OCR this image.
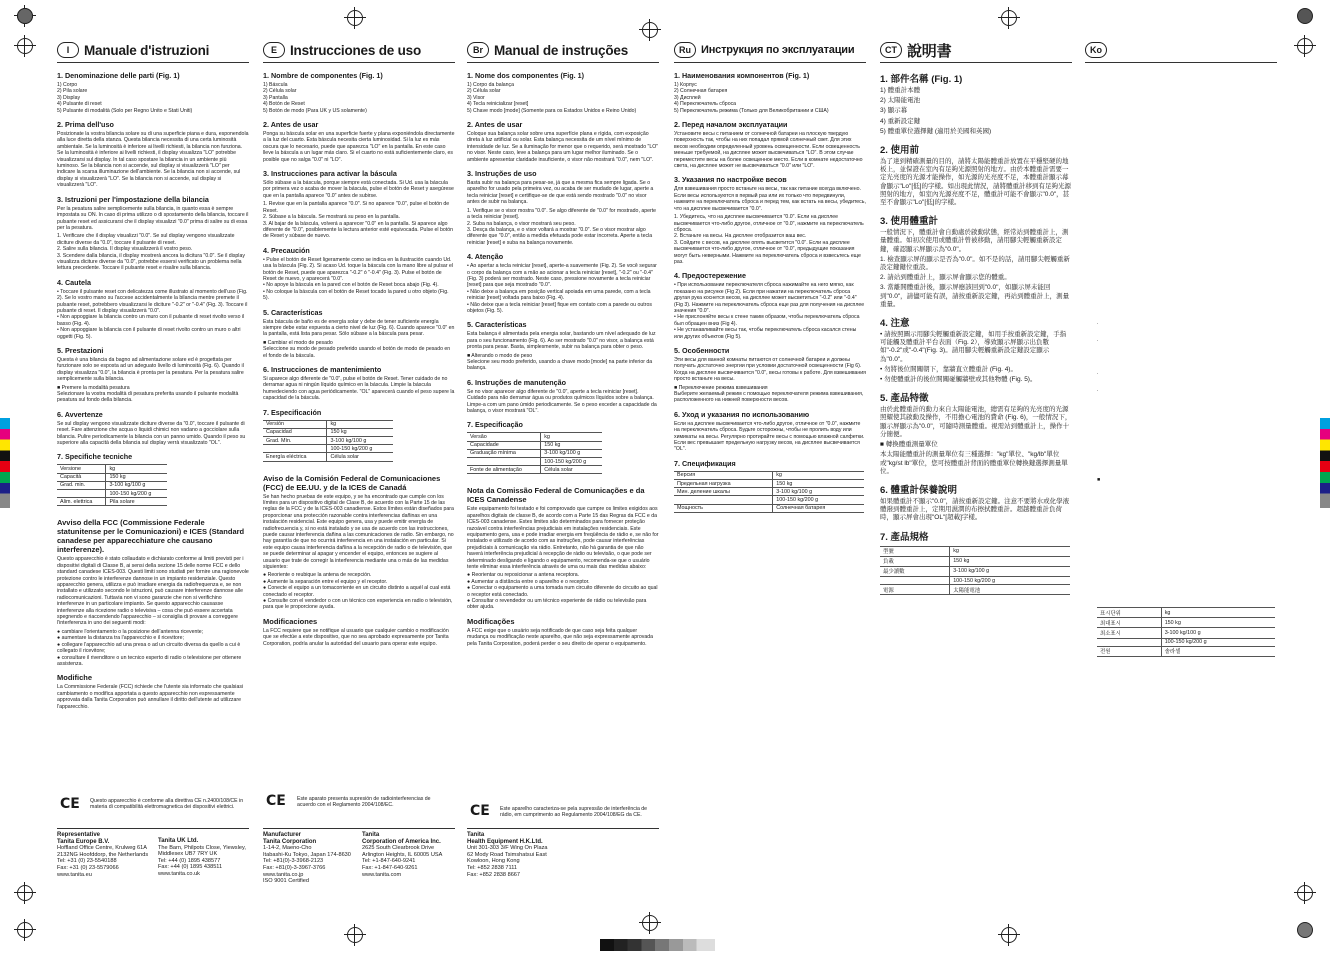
I	Manuale d'istruzioni
1. Denominazione delle parti (Fig. 1)
1) Corpo
2) Pila solare
3) Display
4) Pulsante di reset
5) Pulsante di modalità (Solo per Regno Unito e Stati Uniti)
2. Prima dell'uso

Posizionate la vostra bilancia solare su di una superficie piana e dura, esponendola alla luce diretta della stanza. Questa bilancia necessita di una certa luminosità ambientale. Se la luminosità è inferiore ai livelli richiesti, la bilancia non funziona. Se la luminosità è inferiore ai livelli richiesti, il display visualizza "LO" potrebbe visualizzarsi sul display. In tal caso spostare la bilancia in un ambiente più luminoso. Se la bilancia non si accende, sul display si visualizzerà "LO" per indicare la scarsa illuminazione dell'ambiente. Se la bilancia non si accende, sul display si visualizzerà "LO". Se la bilancia non si accende, sul display si visualizzerà "LO".

3. Istruzioni per l'impostazione della bilancia

Per la pesatura salire semplicemente sulla bilancia, in quanto essa è sempre impostata su ON. In caso di prima utilizzo o di spostamento della bilancia, toccare il pulsante reset ed assicurarsi che il display visualizzi "0.0" prima di salire su di essa per la pesatura.

1. Verificare che il display visualizzi "0.0". Se sul display vengono visualizzate diciture diverse da "0.0", toccare il pulsante di reset.
2. Salire sulla bilancia. Il display visualizzerà il vostro peso.
3. Scendere dalla bilancia, il display mostrerà ancora la dicitura "0.0". Se il display visualizza diciture diverse da "0.0", potrebbe essersi verificato un problema nella lettura precedente. Toccare il pulsante reset e risalire sulla bilancia.
4. Cautela
• Toccare il pulsante reset con delicatezza come illustrato al momento dell'uso (Fig. 2). Se lo vostro mano su l'accese accidentalmente la bilancia mentre premete il pulsante reset, potrebbero visualizzarsi le diciture "-0.2" or "-0.4" (Fig. 3). Toccare il pulsante di reset. Il display visualizzerà "0.0".
• Non appoggiare la bilancia contro un muro con il pulsante di reset rivolto verso il basso (Fig. 4).
• Non appoggiare la bilancia con il pulsante di reset rivolto contro un muro o altri oggetti (Fig. 5).
5. Prestazioni

Questa è una bilancia da bagno ad alimentazione solare ed è progettata per funzionare solo se esposta ad un adeguato livello di luminosità (Fig. 6). Quando il display visualizza "0.0", la bilancia è pronta per la pesatura. Per la pesatura salire semplicemente sulla bilancia.

■ Premere la modalità pesatura

Selezionare la vostra modalità di pesatura preferita usando il pulsante modalità pesatura sul fondo della bilancia.

6. Avvertenze

Se sul display vengono visualizzate diciture diverse da "0.0", toccare il pulsante di reset. Fare attenzione che acqua o liquidi chimici non vadano a gocciolare sulla bilancia. Pulire periodicamente la bilancia con un panno umido. Quando il peso su superiore alla capacità della bilancia sul display verrà visualizzato "OL".

7. Specifiche tecniche
Versione	kg
Capacità	150 kg
Grad. min.	3-100 kg/100 g
	100-150 kg/200 g
Alim. elettrica	Pila solare
Avviso della FCC (Commissione Federale statunitense per le Comunicazioni) e ICES (Standard canadese per apparecchiature che causano interferenze).

Questo apparecchio è stato collaudato e dichiarato conforme ai limiti previsti per i dispositivi digitali di Classe B, ai sensi della sezione 15 delle norme FCC e dello standard canadese ICES-003. Questi limiti sono studiati per fornire una ragionevole protezione contro le interferenze dannose in un impianto residenziale. Questo apparecchio genera, utilizza e può irradiare energia da radiofrequenza e, se non installato e utilizzato secondo le istruzioni, può causare interferenze dannose alle radiocomunicazioni. Tuttavia non vi sono garanzie che non si verifichino interferenze in un particolare impianto. Se questo apparecchio causasse interferenze alla ricezione radio o televisiva – cosa che può essere accertata spegnendo e riaccendendo l'apparecchio – si consiglia di provare a correggere l'interferenza in uno dei seguenti modi:

● cambiare l'orientamento o la posizione dell'antenna ricevente;
● aumentare la distanza tra l'apparecchio e il ricevitore;
● collegare l'apparecchio ad una presa o ad un circuito diversa da quello a cui è collegato il ricevitore;
● consultare il rivenditore o un tecnico esperto di radio o televisione per ottenere assistenza.
Modifiche

La Commissione Federale (FCC) richiede che l'utente sia informato che qualsiasi cambiamento o modifica apportata a questo apparecchio non espressamente approvata dalla Tanita Corporation può annullare il diritto dell'utente ad utilizzare l'apparecchio.

CE Questo apparecchio è conforme alla direttiva CE n.2400/108/CE in materia di compatibilità elettromagnetica dei dispositivi elettrici.
E Instrucciones de uso
1. Nombre de componentes (Fig. 1)
1) Báscula
2) Célula solar
3) Pantalla
4) Botón de Reset
5) Botón de modo (Para UK y US solamente)
2. Antes de usar

Ponga su báscula solar en una superficie fuerte y plana exponiéndola directamente a la luz del cuarto. Esta báscula necesita cierta luminosidad. Si la luz es más oscura que lo necesario, puede que aparezca "LO" en la pantalla. En este caso lleve la báscula a un lugar más claro. Si el cuarto no está suficientemente claro, es posible que no salga "0.0" ni "LO".

3. Instrucciones para activar la báscula

Sólo súbase a la báscula, porque siempre está conectada. Si Ud. usa la báscula por primera vez o acaba de mover la báscula, pulse el botón de Reset y asegúrese que en la pantalla aparece "0.0" antes de subirse.

1. Revise que en la pantalla aparece "0.0". Si no aparece "0.0", pulse el botón de Reset.
2. Súbase a la báscula. Se mostrará su peso en la pantalla.
3. Al bajar de la báscula, volverá a aparecer "0.0" en la pantalla. Si aparece algo diferente de "0.0", posiblemente la lectura anterior esté equivocada. Pulse el botón de Reset y súbase de nuevo.
4. Precaución
• Pulse el botón de Reset ligeramente como se indica en la ilustración cuando Ud. usa la báscula (Fig. 2). Si acaso Ud. toque la báscula con la mano libre al pulsar el botón de Reset, puede que aparezca "-0.2" ó "-0.4" (Fig. 3). Pulse el botón de Reset de nuevo, y aparecerá "0.0".
• No apoye la báscula en la pared con el botón de Reset boca abajo (Fig. 4).
• No coloque la báscula con el botón de Reset tocado la pared u otro objeto (Fig. 5).
5. Características

Esta báscula de baño es de energía solar y debe de tener suficiente energía siempre debe estar expuesta a cierto nivel de luz (Fig. 6). Cuando aparece "0.0" en la pantalla, está lista para pesar. Sólo súbase a la báscula para pesar.

■ Cambiar el modo de pesado

Seleccione su modo de pesado preferido usando el botón de modo de pesado en el fondo de la báscula.

6. Instrucciones de mantenimiento

Si aparece algo diferente de "0.0", pulse el botón de Reset. Tener cuidado de no derramar agua ni ningún líquido químico en la báscula. Limpie la báscula humedeciendo con agua periódicamente. "OL" aparecerá cuando el peso supere la capacidad de la báscula.

7. Especificación
Versión	kg
Capacidad	150 kg
Grad. Mín.	3-100 kg/100 g
	100-150 kg/200 g
Energía eléctrica	Célula solar
Aviso de la Comisión Federal de Comunicaciones (FCC) de EE.UU. y de la ICES de Canadá

Se han hecho pruebas de este equipo, y se ha encontrado que cumple con los límites para un dispositivo digital de Clase B, de acuerdo con la Parte 15 de las reglas de la FCC y de la ICES-003 canadiense. Estos límites están diseñados para proporcionar una protección razonable contra interferencias dañinas en una instalación residencial. Este equipo genera, usa y puede emitir energía de radiofrecuencia y, si no está instalado y se usa de acuerdo con las instrucciones, puede causar interferencia dañina a las comunicaciones de radio. Sin embargo, no hay garantía de que no ocurrirá interferencia en una instalación en particular. Si este equipo causa interferencia dañina a la recepción de radio o de televisión, que se puede determinar al apagar y encender el equipo, entonces se sugiere al usuario que trate de corregir la interferencia mediante una o más de las medidas siguientes:

● Reoriente o reubique la antena de recepción.
● Aumente la separación entre el equipo y el receptor.
● Conecte el equipo a un tomacorriente en un circuito distinto a aquél al cual está conectado el receptor.
● Consulte con el vendedor o con un técnico con experiencia en radio o televisión, para que le proporcione ayuda.
Modificaciones

La FCC requiere que se notifique al usuario que cualquier cambio o modificación que se efectúe a este dispositivo, que no sea aprobado expresamente por Tanita Corporation, podría anular la autoridad del usuario para operar este equipo.

CE Este aparato presenta supresión de radiointerferencias de acuerdo con el Reglamento 2004/108/EC.
Br Manual de instruções
1. Nome dos componentes (Fig. 1)
1) Corpo da balança
2) Célula solar
3) Visor
4) Tecla reinicializar [reset]
5) Chave modo [mode] (Somente para os Estados Unidos e Reino Unido)
2. Antes de usar

Coloque sua balança solar sobre uma superfície plana e rígida, com exposição direta à luz artificial ou solar. Esta balança necessita de um nível mínimo de intensidade de luz. Se a iluminação for menor que o requerido, será mostrado "LO" no visor. Neste caso, leve a balança para um lugar melhor iluminado. Se o ambiente apresentar claridade insuficiente, o visor não mostrará "0.0", nem "LO".

3. Instruções de uso

Basta subir na balança para pesar-se, já que a mesma fica sempre ligada. Se o aparelho for usado pela primeira vez, ou acaba de ser mudado de lugar, aperte a tecla reiniciar [reset] e certifique-se de que está sendo mostrado "0.0" no visor antes de subir na balança.

1. Verifique se o visor mostra "0.0". Se algo diferente de "0.0" for mostrado, aperte a tecla reiniciar [reset].
2. Suba na balança, o visor mostrará seu peso.
3. Desça da balança, e o visor voltará a mostrar "0.0". Se o visor mostrar algo diferente que "0.0", então a medida efetuada pode estar incorreta. Aperte a tecla reiniciar [reset] e suba na balança novamente.
4. Atenção
• Ao apertar a tecla reiniciar [reset], aperte-a suavemente (Fig. 2). Se você segurar o corpo da balança com a mão ao acionar a tecla reiniciar [reset], "-0.2" ou "-0.4" (Fig. 3) poderá ser mostrado. Neste caso, pressione novamente a tecla reiniciar [reset] para que seja mostrado "0.0".
• Não deixe a balança em posição vertical apoiada em uma parede, com a tecla reiniciar [reset] voltada para baixo (Fig. 4).
• Não deixe que a tecla reiniciar [reset] fique em contato com a parede ou outros objetos (Fig. 5).
5. Características

Esta balança é alimentada pela energia solar, bastando um nível adequado de luz para o seu funcionamento (Fig. 6). Ao ser mostrado "0.0" no visor, a balança está pronta para pesar. Basta, simplesmente, subir na balança para obter o peso.

■ Alterando o modo de peso

Selecione seu modo preferido, usando a chave modo [mode] na parte inferior da balança.

6. Instruções de manutenção

Se no visor aparecer algo diferente de "0.0", aperte a tecla reiniciar [reset]. Cuidado para não derramar água ou produtos químicos líquidos sobre a balança. Limpe-a com um pano úmido periodicamente. Se o peso exceder a capacidade da balança, o visor mostrará "OL".

7. Especificação
Versão	kg
Capacidade	150 kg
Graduação mínima	3-100 kg/100 g
	100-150 kg/200 g
Fonte de alimentação	Célula solar
Nota da Comissão Federal de Comunicações e da ICES Canadense

Este equipamento foi testado e foi comprovado que cumpre os limites exigidos aos aparelhos digitais de classe B, de acordo com a Parte 15 das Regras da FCC e da ICES-003 canadense. Estes limites são determinados para fornecer proteção razoável contra interferências prejudiciais em instalações residenciais. Este equipamento gera, usa e pode irradiar energia em freqüência de rádio e, se não for instalado e utilizado de acordo com as instruções, pode causar interferências prejudiciais à comunicação via rádio. Entretanto, não há garantia de que não haverá interferência prejudicial à recepção de rádio ou televisão, o que pode ser determinado desligando e ligando o equipamento, recomenda-se que o usuário tente eliminar essa interferência através de uma ou mais das medidas abaixo:

● Reorientar ou reposicionar a antena receptora.
● Aumentar a distância entre o aparelho e o receptor.
● Conectar o equipamento a uma tomada num circuito diferente do circuito ao qual o receptor está conectado.
● Consultar o revendedor ou um técnico experiente de rádio ou televisão para obter ajuda.
Modificações

A FCC exige que o usuário seja notificado de que caso seja feita qualquer mudança ou modificação neste aparelho, que não seja expressamente aprovada pela Tanita Corporation, poderá perder o seu direito de operar o equipamento.

CE Este aparelho caracteriza-se pela supressão de interferência de rádio, em cumprimento ao Regulamento 2004/108/EG da CE.
Ru Инструкция по эксплуатации
1. Наименования компонентов (Fig. 1)
1) Корпус
2) Солнечная батарея
3) Дисплей
4) Переключатель сброса
5) Переключатель режима (Только для Великобритании и США)
2. Перед началом эксплуатации

Установите весы с питанием от солнечной батареи на плоскую твердую поверхность так, чтобы на них попадал прямой солнечный свет. Для этих весов необходим определенный уровень освещенности. Если освещенность меньше требуемой, на дисплее может высвечиваться "LO". В этом случае переместите весы на более освещенное место. Если в комнате недостаточно света, на дисплее может не высвечиваться "0.0" или "LO".

3. Указания по настройке весов

Для взвешивания просто встаньте на весы, так как питание всегда включено. Если весы используются в первый раз или их только что передвинули, нажмите на переключатель сброса и перед тем, как встать на весы, убедитесь, что на дисплее высвечивается "0.0".

1. Убедитесь, что на дисплее высвечивается "0.0". Если на дисплее высвечивается что-либо другое, отличное от "0.0", нажмите на переключатель сброса.
2. Встаньте на весы. На дисплее отобразится ваш вес.
3. Сойдите с весов, на дисплее опять высветится "0.0". Если на дисплее высвечивается что-либо другое, отличное от "0.0", предыдущие показания могут быть неверными. Нажмите на переключатель сброса и взвесьтесь еще раз.
4. Предостережение
• При использовании переключателя сброса нажимайте на него мягко, как показано на рисунке (Fig 2). Если при нажатии на переключатель сброса другая рука коснется весов, на дисплее может высветиться "-0.2" или "-0.4" (Fig 3). Нажмите на переключатель сброса еще раз для получения на дисплее значения "0.0".
• Не прислоняйте весы к стене таким образом, чтобы переключатель сброса был обращен вниз (Fig 4).
• Не устанавливайте весы так, чтобы переключатель сброса касался стены или других объектов (Fig 5).
5. Особенности

Эти весы для ванной комнаты питаются от солнечной батареи и должны получать достаточно энергии при условии достаточной освещенности (Fig 6). Когда на дисплее высвечивается "0.0", весы готовы к работе. Для взвешивания просто встаньте на весы.

■ Переключение режима взвешивания

Выберите желаемый режим с помощью переключателя режима взвешивания, расположенного на нижней поверхности весов.

6. Уход и указания по использованию

Если на дисплее высвечивается что-либо другое, отличное от "0.0", нажмите на переключатель сброса. Будьте осторожны, чтобы не пролить воду или химикаты на весы. Регулярно протирайте весы с помощью влажной салфетки. Если вес превышает предельную нагрузку весов, на дисплее высвечивается "OL".

7. Спецификация
Версия	kg
Предельная нагрузка	150 kg
Мин. деление шкалы	3-100 kg/100 g
	100-150 kg/200 g
Мощность	Солнечная батарея
CT 說明書
1. 部件名稱 (Fig. 1)
1) 體重計本體
2) 太陽能電池
3) 顯示幕
4) 重新設定鍵
5) 體重單位選擇鍵 (適用於美國和英國)
2. 使用前

為了達到精確測量的目的，請將太陽能體重計放置在平穩堅硬的地板上，並保證在室內有足夠光源照射的地方。由於本體重計需要一定光亮度的光源才能操作，如光源的光亮度不足，本體重計顯示幕會顯示"Lo"[低]的字樣。如出現此情況，請將體重計移到有足夠光源照射的地方，如室內光源亮度不足，體重計可能不會顯示"0.0"，甚至不會顯示"Lo"[低]的字樣。

3. 使用體重計

一般情況下，體重計會自動處於啟動狀態，經常站到體重計上，測量體重。如初次使用或體重計曾被移動，請用腳尖輕觸重新設定鍵，確認顯示屏顯示為"0.0"。

1. 檢查顯示屏的顯示是否為"0.0"。如不是的話，請用腳尖輕觸重新設定鍵鍵位重設。
2. 請站到體重計上，顯示屏會顯示您的體重。
3. 當離開體重計後，顯示屏應該回到"0.0"，如顯示屏未能回到"0.0"，請儘可能有誤，請按重新設定鍵，再站到體重計上，測量重量。
4. 注意
• 請按照圖示用腳尖輕觸重新設定鍵，如用手按重新設定鍵，手指可能觸及體重計平台表面（Fig. 2），導致顯示屏顯示出負數如"-0.2"或"-0.4"(Fig. 3)。請用腳尖輕觸重新設定鍵設定顯示為"0.0"。
• 勿將後位開關朝下，靠牆直立體重計 (Fig. 4)。
• 勿使體重計的後位開關碰觸牆壁或其他物體 (Fig. 5)。
5. 產品特徵

由於此體重計的動力來自太陽能電池，總需有足夠的光亮度的光源照耀使其啟動及操作，不用擔心電池的費命 (Fig. 6)，一般情況下，顯示屏顯示為"0.0"，可隨時測量體重。視需站到體重計上，操作十分簡便。

■ 轉換體重測量單位

本太陽能體重計的測量單位有三種選擇："kg"單位、"kg/lb"單位或"kg/st lb"單位，您可按體重計背面的體重單位轉換鍵選擇測量單位。

6. 體重計保養說明

如果體重計不顯示"0.0"，請按重新設定鍵。注意不要將水或化學液體潑到體重計上，定期用濕潤的布擦拭體重計。超越體重計負荷時，顯示屏會出現"OL"[超載]字樣。

7. 產品規格
型號	kg
負載	150 kg
最少讀數	3-100 kg/100 g
	100-150 kg/200 g
電源	太陽能電池
Ko
.
.
.
.
■
표시단위	kg
최대표시	150 kg
최소표시	3-100 kg/100 g
	100-150 kg/200 g
전원	솔라셀
Representative
Tanita Europe B.V.
Hoffland Office Centre, Krulweg 61A
2132NG Hoofddorp, the Netherlands
Tel: +31 (0) 23-5540188
Fax: +31 (0) 23-5579066
www.tanita.eu
Tanita UK Ltd.
The Barn, Philpots Close, Yiewsley,
Middlesex UB7 7RY UK
Tel: +44 (0) 1895 438577
Fax: +44 (0) 1895 438511
www.tanita.co.uk
Manufacturer
Tanita Corporation
1-14-2, Maeno-Cho
Itabashi-Ku Tokyo, Japan 174-8630
Tel: +81(0)-3-3968-2123
Fax: +81(0)-3-3967-3766
www.tanita.co.jp
ISO 9001 Certified
Tanita
Corporation of America Inc.
2625 South Clearbrook Drive
Arlington Heights, IL 60005 USA
Tel: +1-847-640-9241
Fax: +1-847-640-9261
www.tanita.com
Tanita
Health Equipment H.K.Ltd.
Unit 301-303 3/F Wing On Plaza
62 Mody Road Tsimshatsui East
Kowloon, Hong Kong
Tel: +852 2838 7111
Fax: +852 2838 8667
